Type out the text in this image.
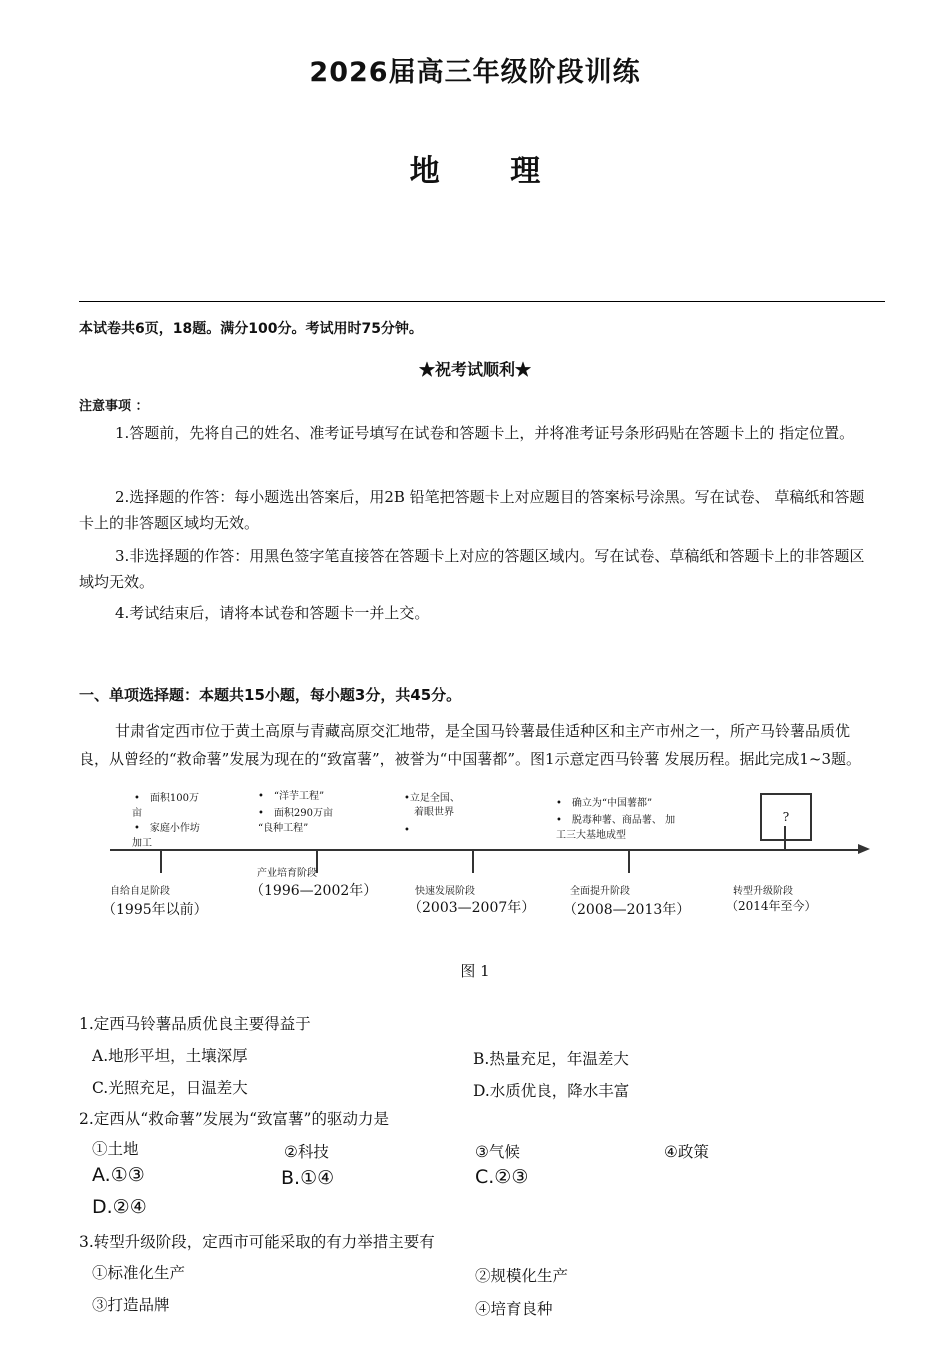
2026届高三年级阶段训练
地 理
本试卷共6页，18题。满分100分。考试用时75分钟。
★祝考试顺利★
注意事项 ：
1.答题前，先将自己的姓名、准考证号填写在试卷和答题卡上，并将准考证号条形码贴在答题卡上的 指定位置。
2.选择题的作答：每小题选出答案后，用2B 铅笔把答题卡上对应题目的答案标号涂黑。写在试卷、 草稿纸和答题卡上的非答题区域均无效。
3.非选择题的作答：用黑色签字笔直接答在答题卡上对应的答题区域内。写在试卷、草稿纸和答题卡上的非答题区域均无效。
4.考试结束后，请将本试卷和答题卡一并上交。
一、单项选择题：本题共15小题，每小题3分，共45分。
甘肃省定西市位于黄土高原与青藏高原交汇地带，是全国马铃薯最佳适种区和主产市州之一，所产马铃薯品质优良，从曾经的“救命薯”发展为现在的“致富薯”，被誉为“中国薯都”。图1示意定西马铃薯 发展历程。据此完成1~3题。
?
•　面积100万
亩
•　家庭小作坊
加工
•　“洋芋工程”
•　面积290万亩
“良种工程”
•立足全国、
着眼世界
•
•　确立为“中国薯都”
•　脱毒种薯、商品薯、 加
工三大基地成型
自给自足阶段
（1995年以前）
产业培育阶段
（1996—2002年）	快速发展阶段
（2003—2007年）
全面提升阶段
（2008—2013年）
转型升级阶段
（2014年至今）
图 1
1.定西马铃薯品质优良主要得益于
A.地形平坦，土壤深厚	B.热量充足，年温差大
C.光照充足，日温差大	D.水质优良，降水丰富
2.定西从“救命薯”发展为“致富薯”的驱动力是
①土地	②科技	③气候	④政策
A.①③	B.①④	C.②③
D.②④
3.转型升级阶段，定西市可能采取的有力举措主要有
①标准化生产	②规模化生产
③打造品牌	④培育良种
